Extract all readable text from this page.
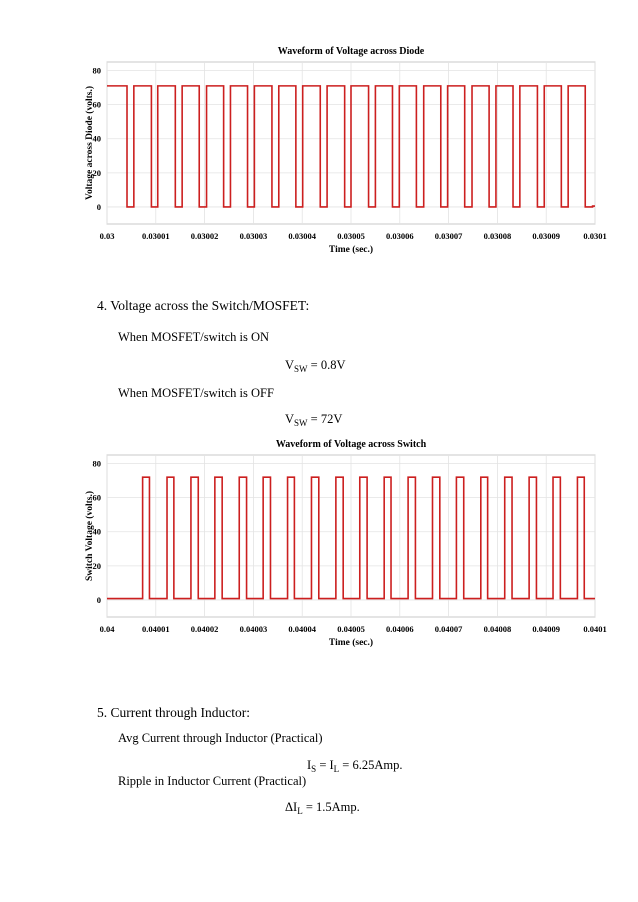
Waveform of Voltage across Diode
0
20
40
60
80
0.03	0.03001 0.03002 0.03003 0.03004 0.03005 0.03006 0.03007 0.03008 0.03009	0.0301
Time (sec.)
Voltage across Diode (volts.)
4. Voltage across the Switch/MOSFET:
When MOSFET/switch is ON
$V_{SW} = 0.8V$
When MOSFET/switch is OFF
$V_{SW} = 72V$
Waveform of Voltage across Switch
0
20
40
60
80
0.04	0.04001 0.04002 0.04003 0.04004 0.04005 0.04006 0.04007 0.04008 0.04009	0.0401
Time (sec.)
Switch Voltage (volts.)
5. Current through Inductor:
Avg Current through Inductor (Practical)
$I_S = I_L = 6.25Amp$.
Ripple in Inductor Current (Practical)
$\Delta I_L = 1.5Amp$.
